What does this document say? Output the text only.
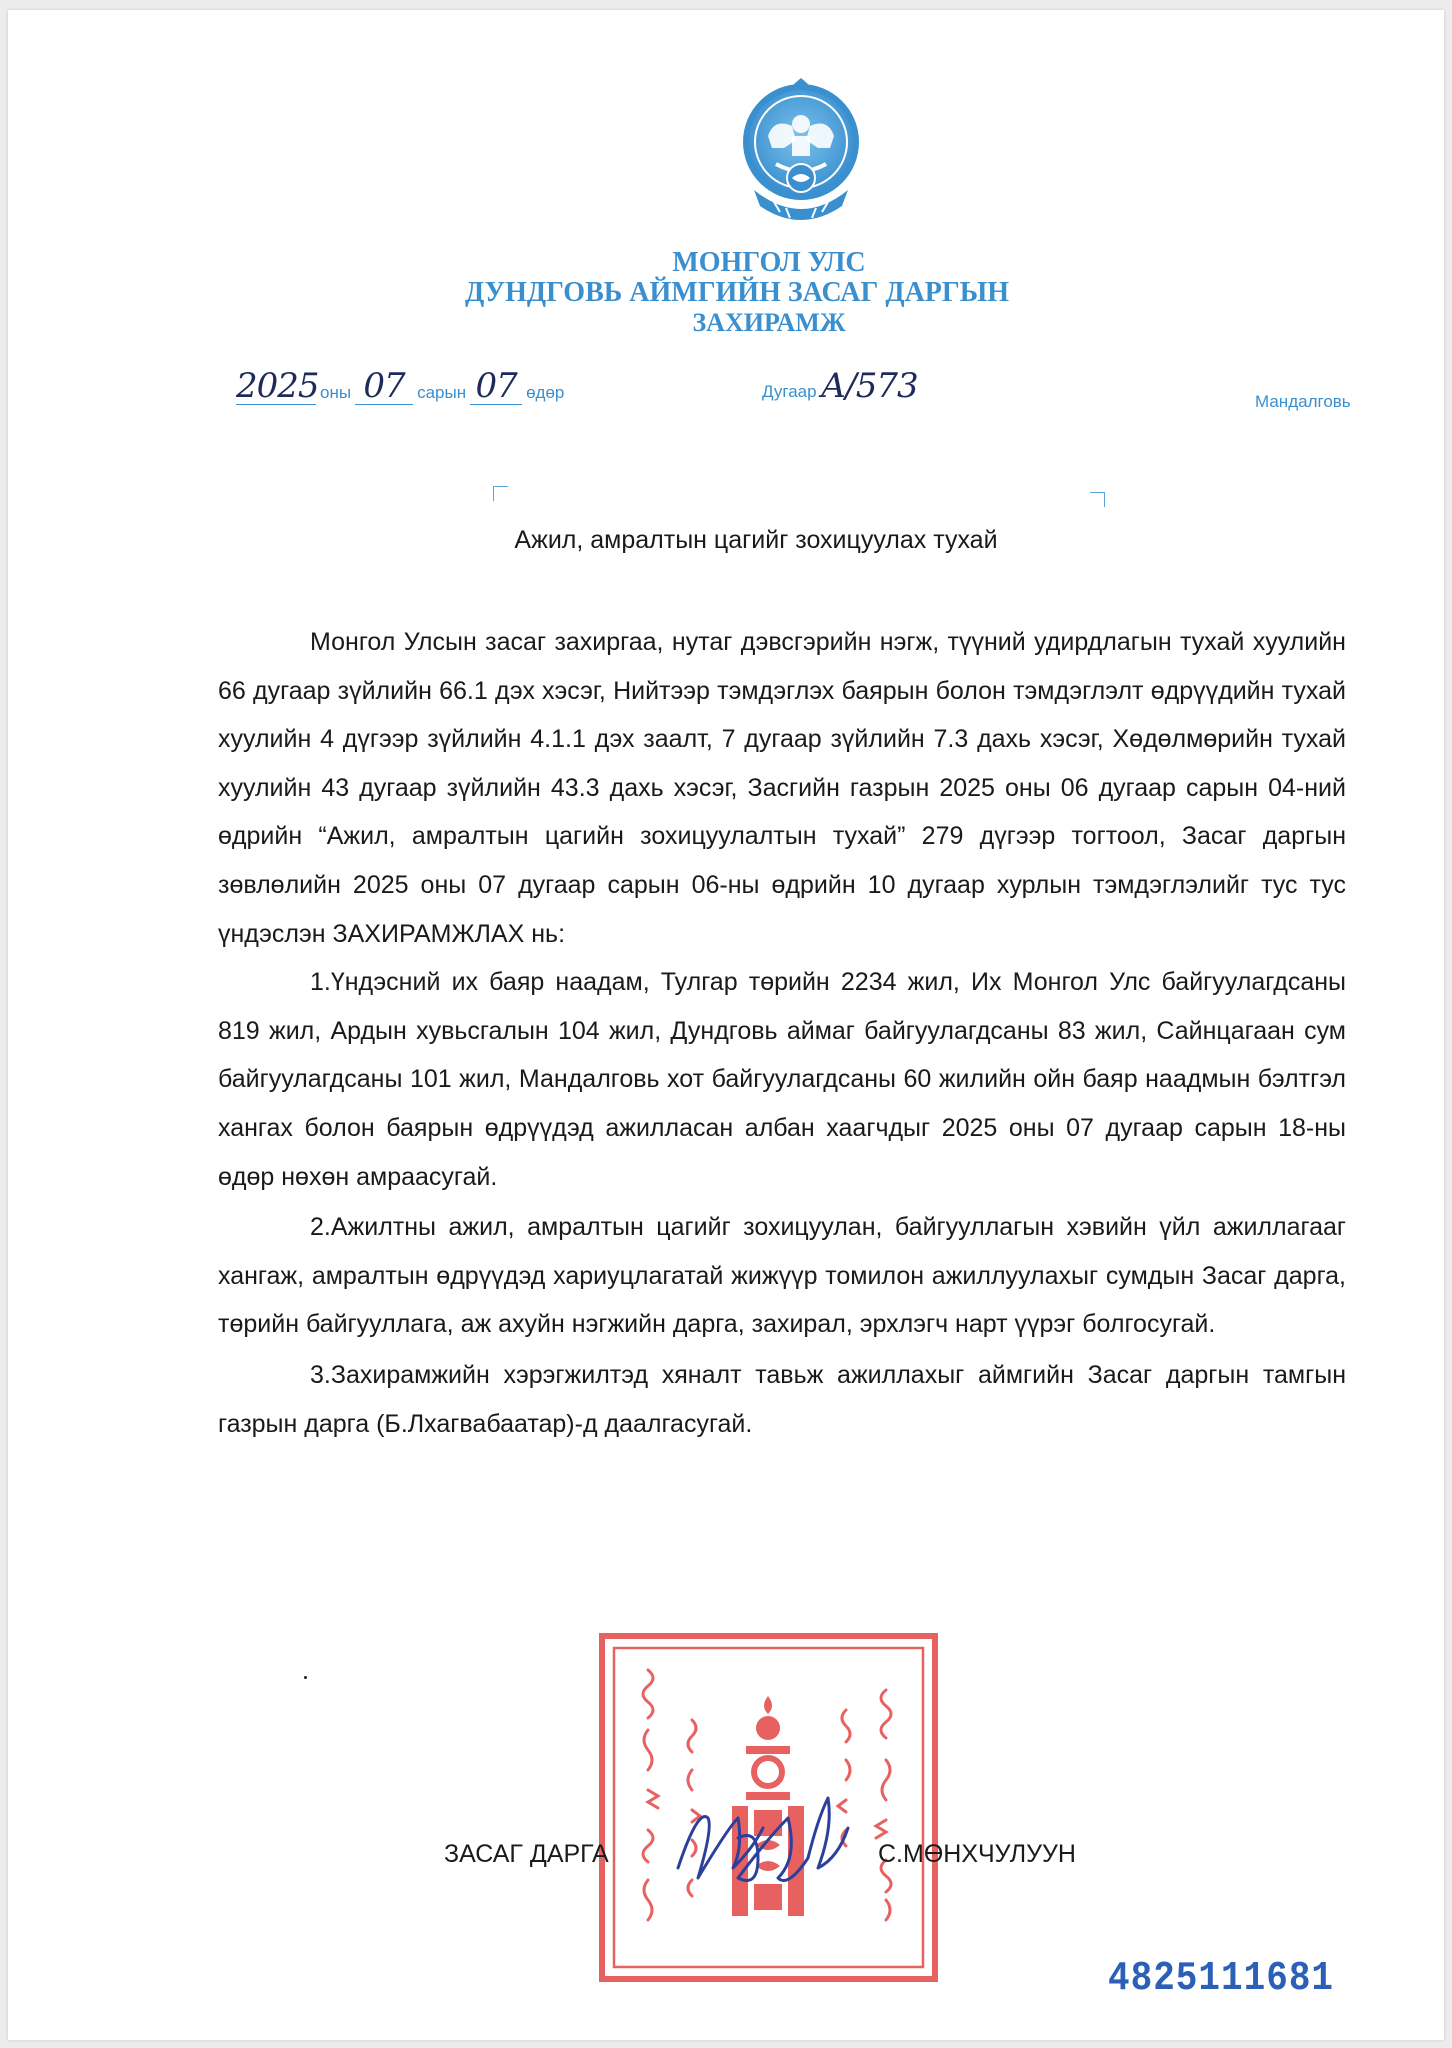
МОНГОЛ УЛС
ДУНДГОВЬ АЙМГИЙН ЗАСАГ ДАРГЫН
ЗАХИРАМЖ
2025оны 07 сарын 07 өдөр	Дугаар А/573	Мандалговь
Ажил, амралтын цагийг зохицуулах тухай

Монгол Улсын засаг захиргаа, нутаг дэвсгэрийн нэгж, түүний удирдлагын тухай хуулийн 66 дугаар зүйлийн 66.1 дэх хэсэг, Нийтээр тэмдэглэх баярын болон тэмдэглэлт өдрүүдийн тухай хуулийн 4 дүгээр зүйлийн 4.1.1 дэх заалт, 7 дугаар зүйлийн 7.3 дахь хэсэг, Хөдөлмөрийн тухай хуулийн 43 дугаар зүйлийн 43.3 дахь хэсэг, Засгийн газрын 2025 оны 06 дугаар сарын 04-ний өдрийн “Ажил, амралтын цагийн зохицуулалтын тухай” 279 дүгээр тогтоол, Засаг даргын зөвлөлийн 2025 оны 07 дугаар сарын 06-ны өдрийн 10 дугаар хурлын тэмдэглэлийг тус тус үндэслэн ЗАХИРАМЖЛАХ нь:

1.Үндэсний их баяр наадам, Тулгар төрийн 2234 жил, Их Монгол Улс байгуулагдсаны 819 жил, Ардын хувьсгалын 104 жил, Дундговь аймаг байгуулагдсаны 83 жил, Сайнцагаан сум байгуулагдсаны 101 жил, Мандалговь хот байгуулагдсаны 60 жилийн ойн баяр наадмын бэлтгэл хангах болон баярын өдрүүдэд ажилласан албан хаагчдыг 2025 оны 07 дугаар сарын 18-ны өдөр нөхөн амраасугай.

2.Ажилтны ажил, амралтын цагийг зохицуулан, байгууллагын хэвийн үйл ажиллагааг хангаж, амралтын өдрүүдэд хариуцлагатай жижүүр томилон ажиллуулахыг сумдын Засаг дарга, төрийн байгууллага, аж ахуйн нэгжийн дарга, захирал, эрхлэгч нарт үүрэг болгосугай.

3.Захирамжийн хэрэгжилтэд хяналт тавьж ажиллахыг аймгийн Засаг даргын тамгын газрын дарга (Б.Лхагвабаатар)-д даалгасугай.

ЗАСАГ ДАРГА	С.МӨНХЧУЛУУН
4825111681
